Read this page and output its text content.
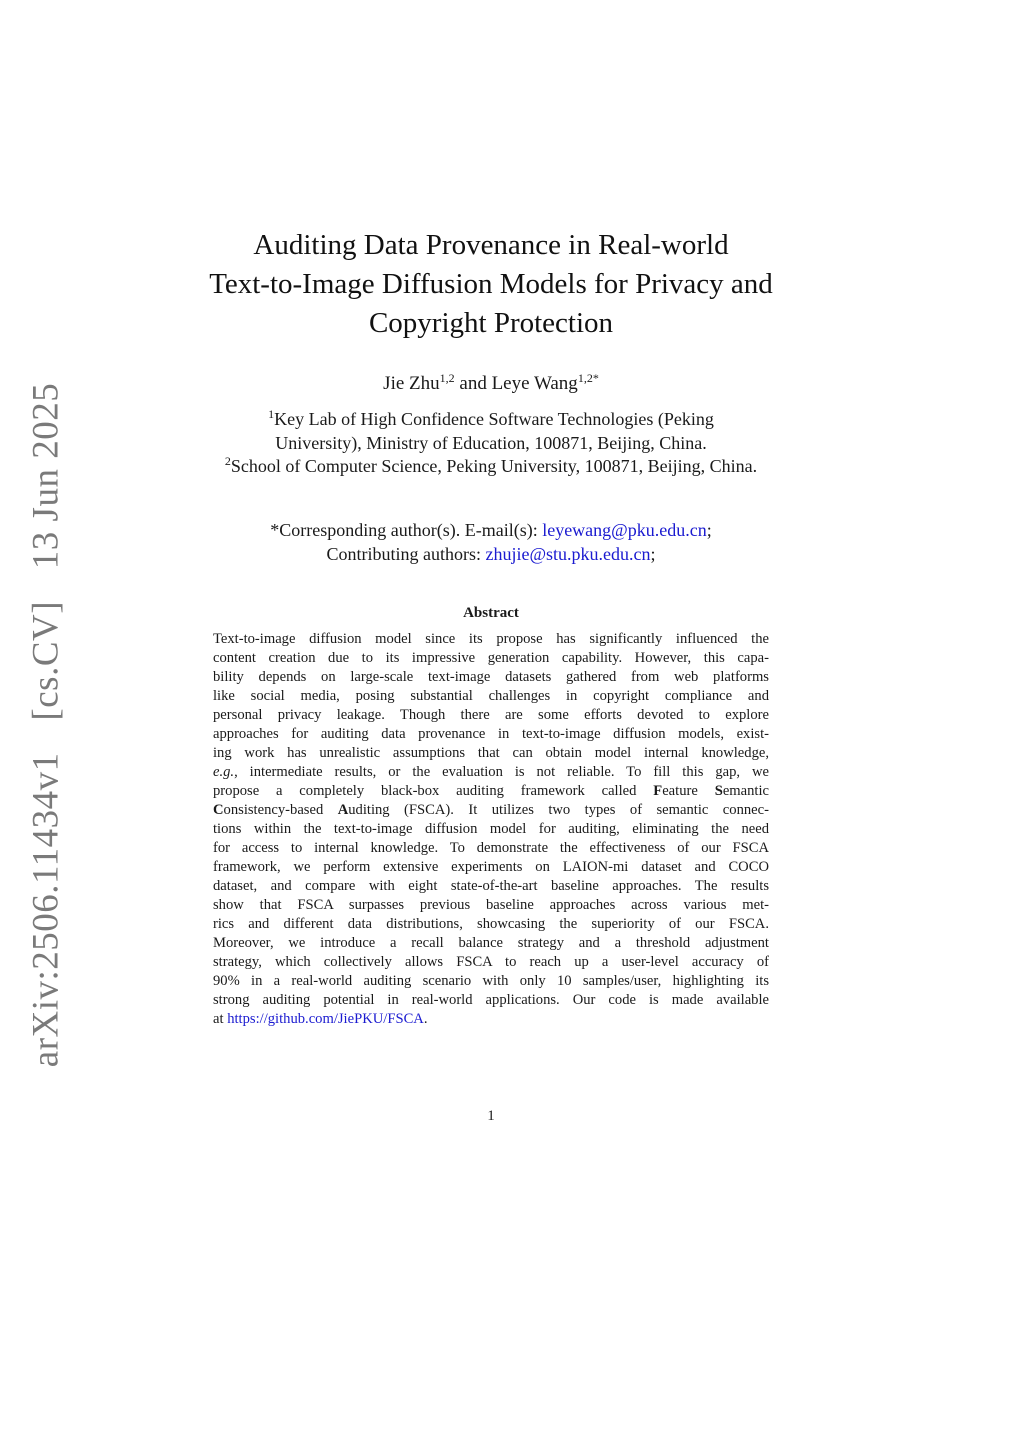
arXiv:2506.11434v1 [cs.CV] 13 Jun 2025
Auditing Data Provenance in Real-world
Text-to-Image Diffusion Models for Privacy and
Copyright Protection
Jie Zhu$^{1,2}$ and Leye Wang$^{1,2*}$
$^1$Key Lab of High Confidence Software Technologies (Peking
University), Ministry of Education, 100871, Beijing, China.
$^2$School of Computer Science, Peking University, 100871, Beijing, China.
*Corresponding author(s). E-mail(s): leyewang@pku.edu.cn;
Contributing authors: zhujie@stu.pku.edu.cn;
Abstract
Text-to-image diffusion model since its propose has significantly influenced the
content creation due to its impressive generation capability. However, this capa-
bility depends on large-scale text-image datasets gathered from web platforms
like social media, posing substantial challenges in copyright compliance and
personal privacy leakage. Though there are some efforts devoted to explore
approaches for auditing data provenance in text-to-image diffusion models, exist-
ing work has unrealistic assumptions that can obtain model internal knowledge,
e.g., intermediate results, or the evaluation is not reliable. To fill this gap, we
propose a completely black-box auditing framework called Feature Semantic
Consistency-based Auditing (FSCA). It utilizes two types of semantic connec-
tions within the text-to-image diffusion model for auditing, eliminating the need
for access to internal knowledge. To demonstrate the effectiveness of our FSCA
framework, we perform extensive experiments on LAION-mi dataset and COCO
dataset, and compare with eight state-of-the-art baseline approaches. The results
show that FSCA surpasses previous baseline approaches across various met-
rics and different data distributions, showcasing the superiority of our FSCA.
Moreover, we introduce a recall balance strategy and a threshold adjustment
strategy, which collectively allows FSCA to reach up a user-level accuracy of
90% in a real-world auditing scenario with only 10 samples/user, highlighting its
strong auditing potential in real-world applications. Our code is made available
at https://github.com/JiePKU/FSCA.
1
